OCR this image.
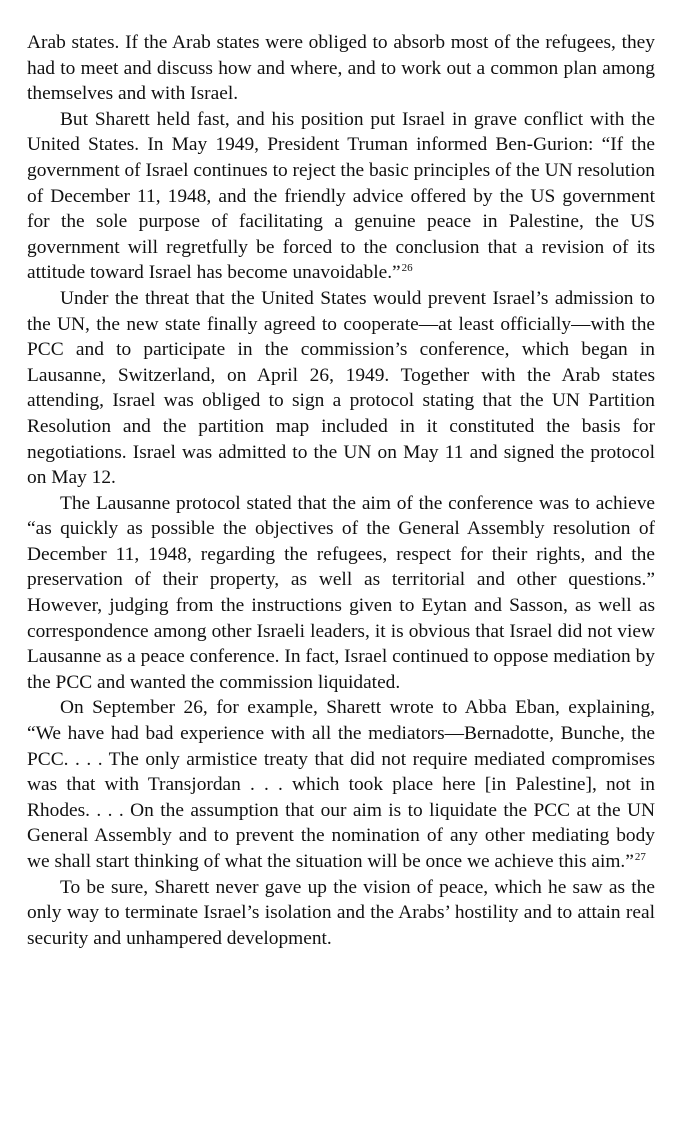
Arab states. If the Arab states were obliged to absorb most of the refugees, they had to meet and discuss how and where, and to work out a common plan among themselves and with Israel.

But Sharett held fast, and his position put Israel in grave conflict with the United States. In May 1949, President Truman informed Ben-Gurion: “If the government of Israel continues to reject the basic principles of the UN resolution of December 11, 1948, and the friendly advice offered by the US government for the sole purpose of facilitating a genuine peace in Palestine, the US government will regretfully be forced to the conclusion that a revision of its attitude toward Israel has become unavoidable.”$^{26}$

Under the threat that the United States would prevent Israel’s admission to the UN, the new state finally agreed to cooperate—at least officially—with the PCC and to participate in the commission’s conference, which began in Lausanne, Switzerland, on April 26, 1949. Together with the Arab states attending, Israel was obliged to sign a protocol stating that the UN Partition Resolution and the partition map included in it constituted the basis for negotiations. Israel was admitted to the UN on May 11 and signed the protocol on May 12.

The Lausanne protocol stated that the aim of the conference was to achieve “as quickly as possible the objectives of the General Assembly resolution of December 11, 1948, regarding the refugees, respect for their rights, and the preservation of their property, as well as territorial and other questions.” However, judging from the instructions given to Eytan and Sasson, as well as correspondence among other Israeli leaders, it is obvious that Israel did not view Lausanne as a peace conference. In fact, Israel continued to oppose mediation by the PCC and wanted the commission liquidated.

On September 26, for example, Sharett wrote to Abba Eban, explaining, “We have had bad experience with all the mediators—Bernadotte, Bunche, the PCC. . . . The only armistice treaty that did not require mediated compromises was that with Transjordan . . . which took place here [in Palestine], not in Rhodes. . . . On the assumption that our aim is to liquidate the PCC at the UN General Assembly and to prevent the nomination of any other mediating body we shall start thinking of what the situation will be once we achieve this aim.”$^{27}$

To be sure, Sharett never gave up the vision of peace, which he saw as the only way to terminate Israel’s isolation and the Arabs’ hostility and to attain real security and unhampered development.
